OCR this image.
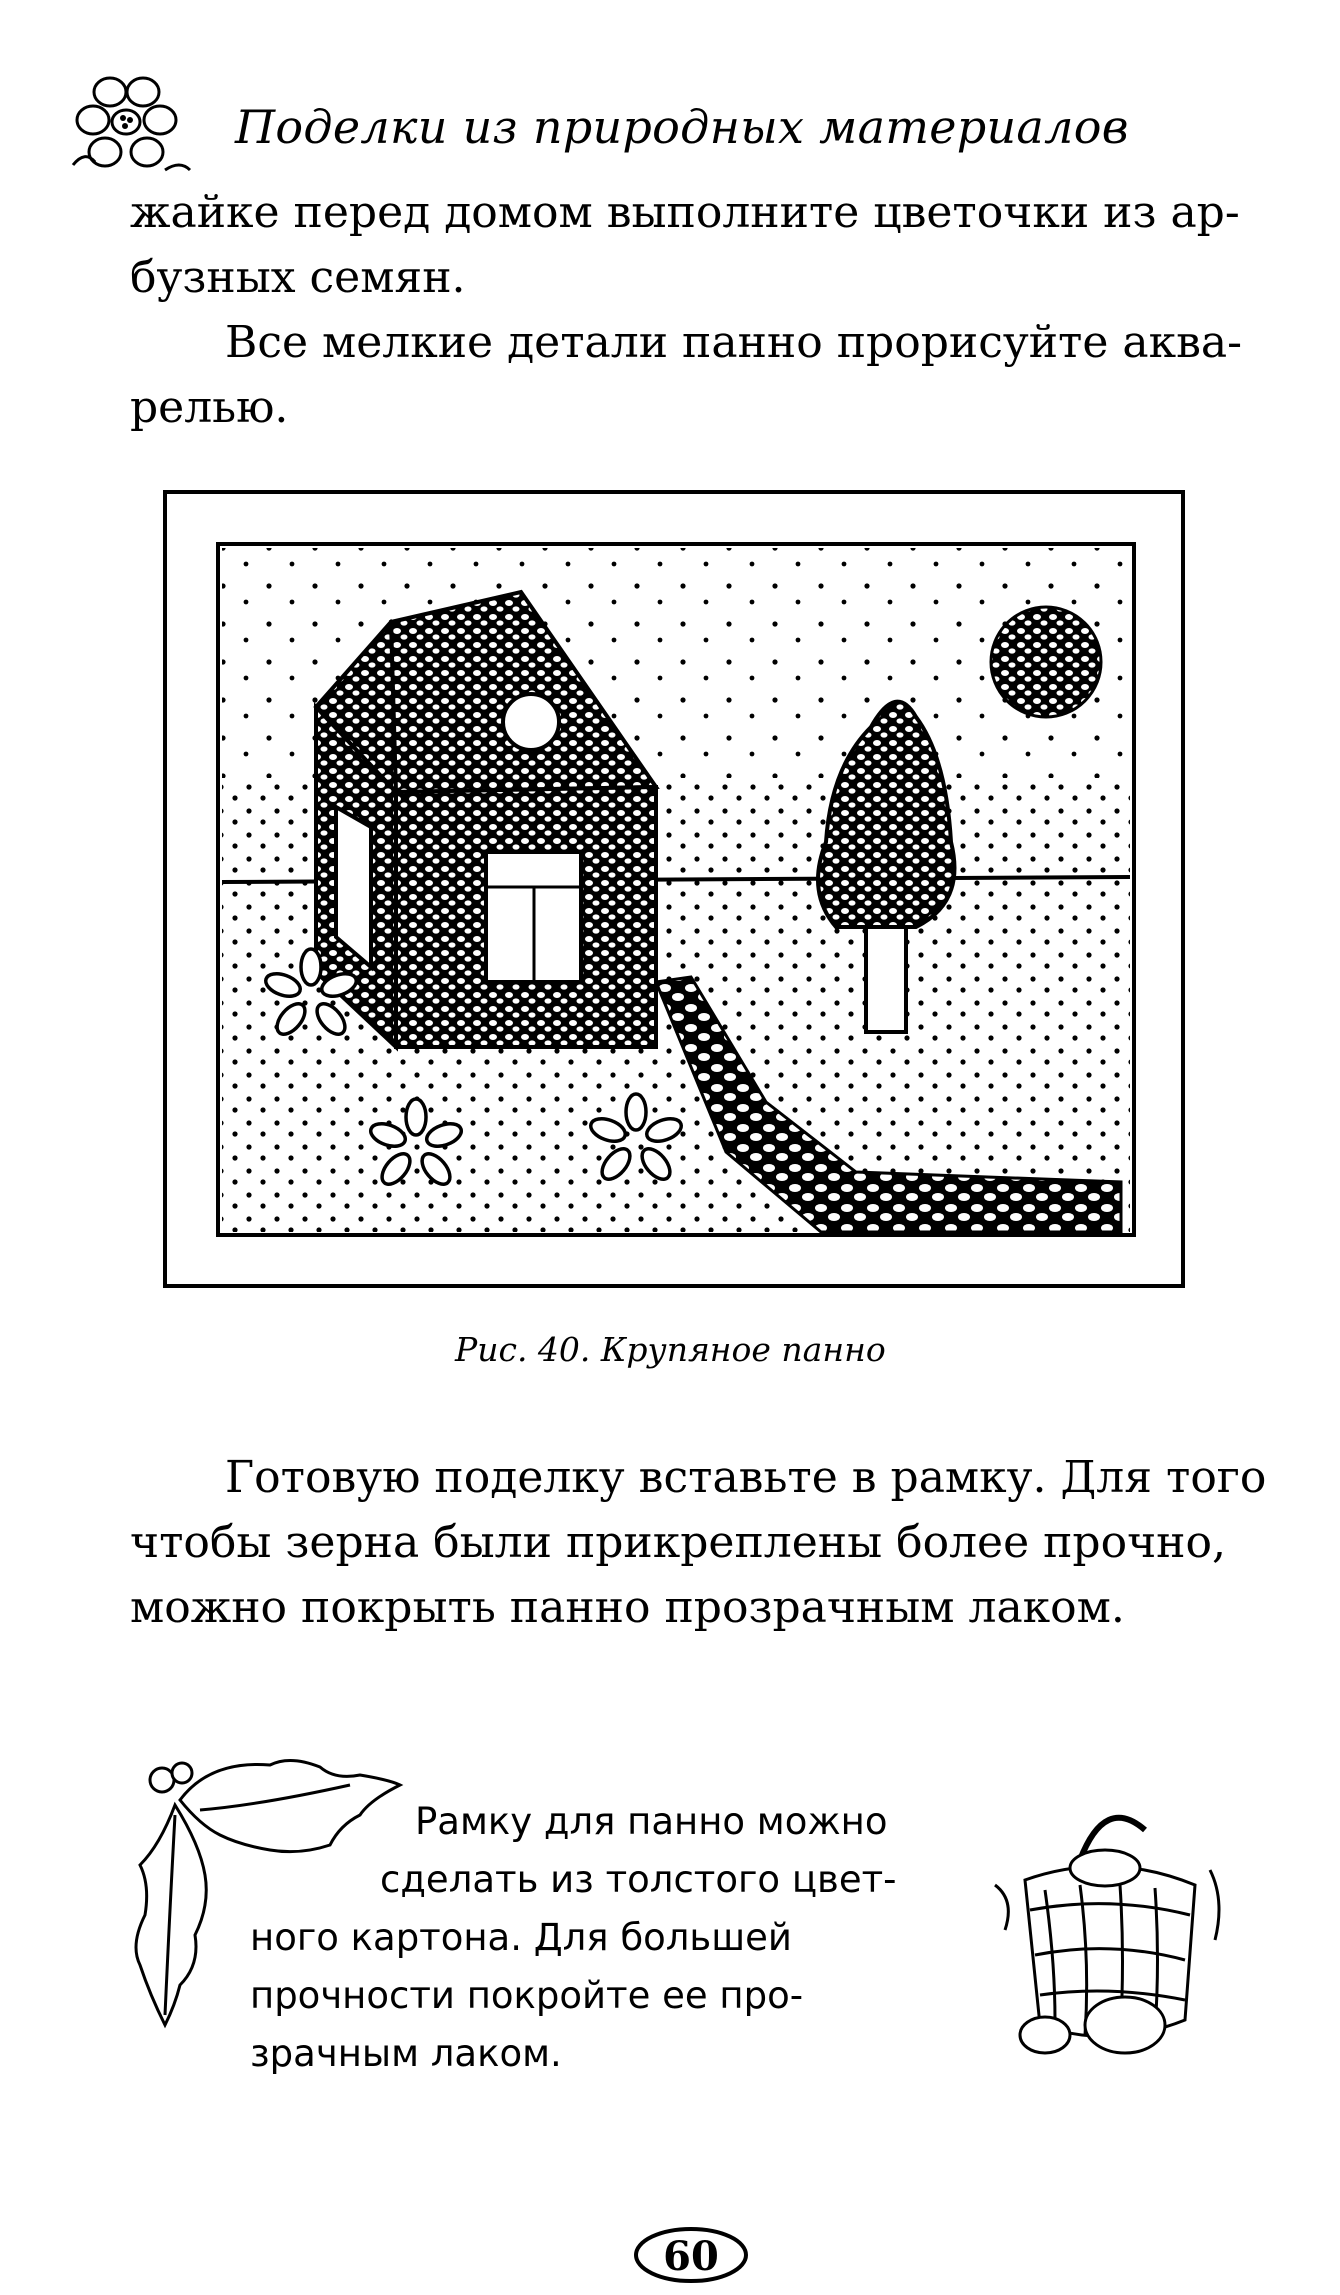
Поделки из природных материалов
жайке перед домом выполните цветочки из ар-
бузных семян.
Все мелкие детали панно прорисуйте аква-
релью.
Рис. 40. Крупяное панно
Готовую поделку вставьте в рамку. Для того
чтобы зерна были прикреплены более прочно,
можно покрыть панно прозрачным лаком.
Рамку для панно можно
сделать из толстого цвет-
ного картона. Для большей
прочности покройте ее про-
зрачным лаком.
60
